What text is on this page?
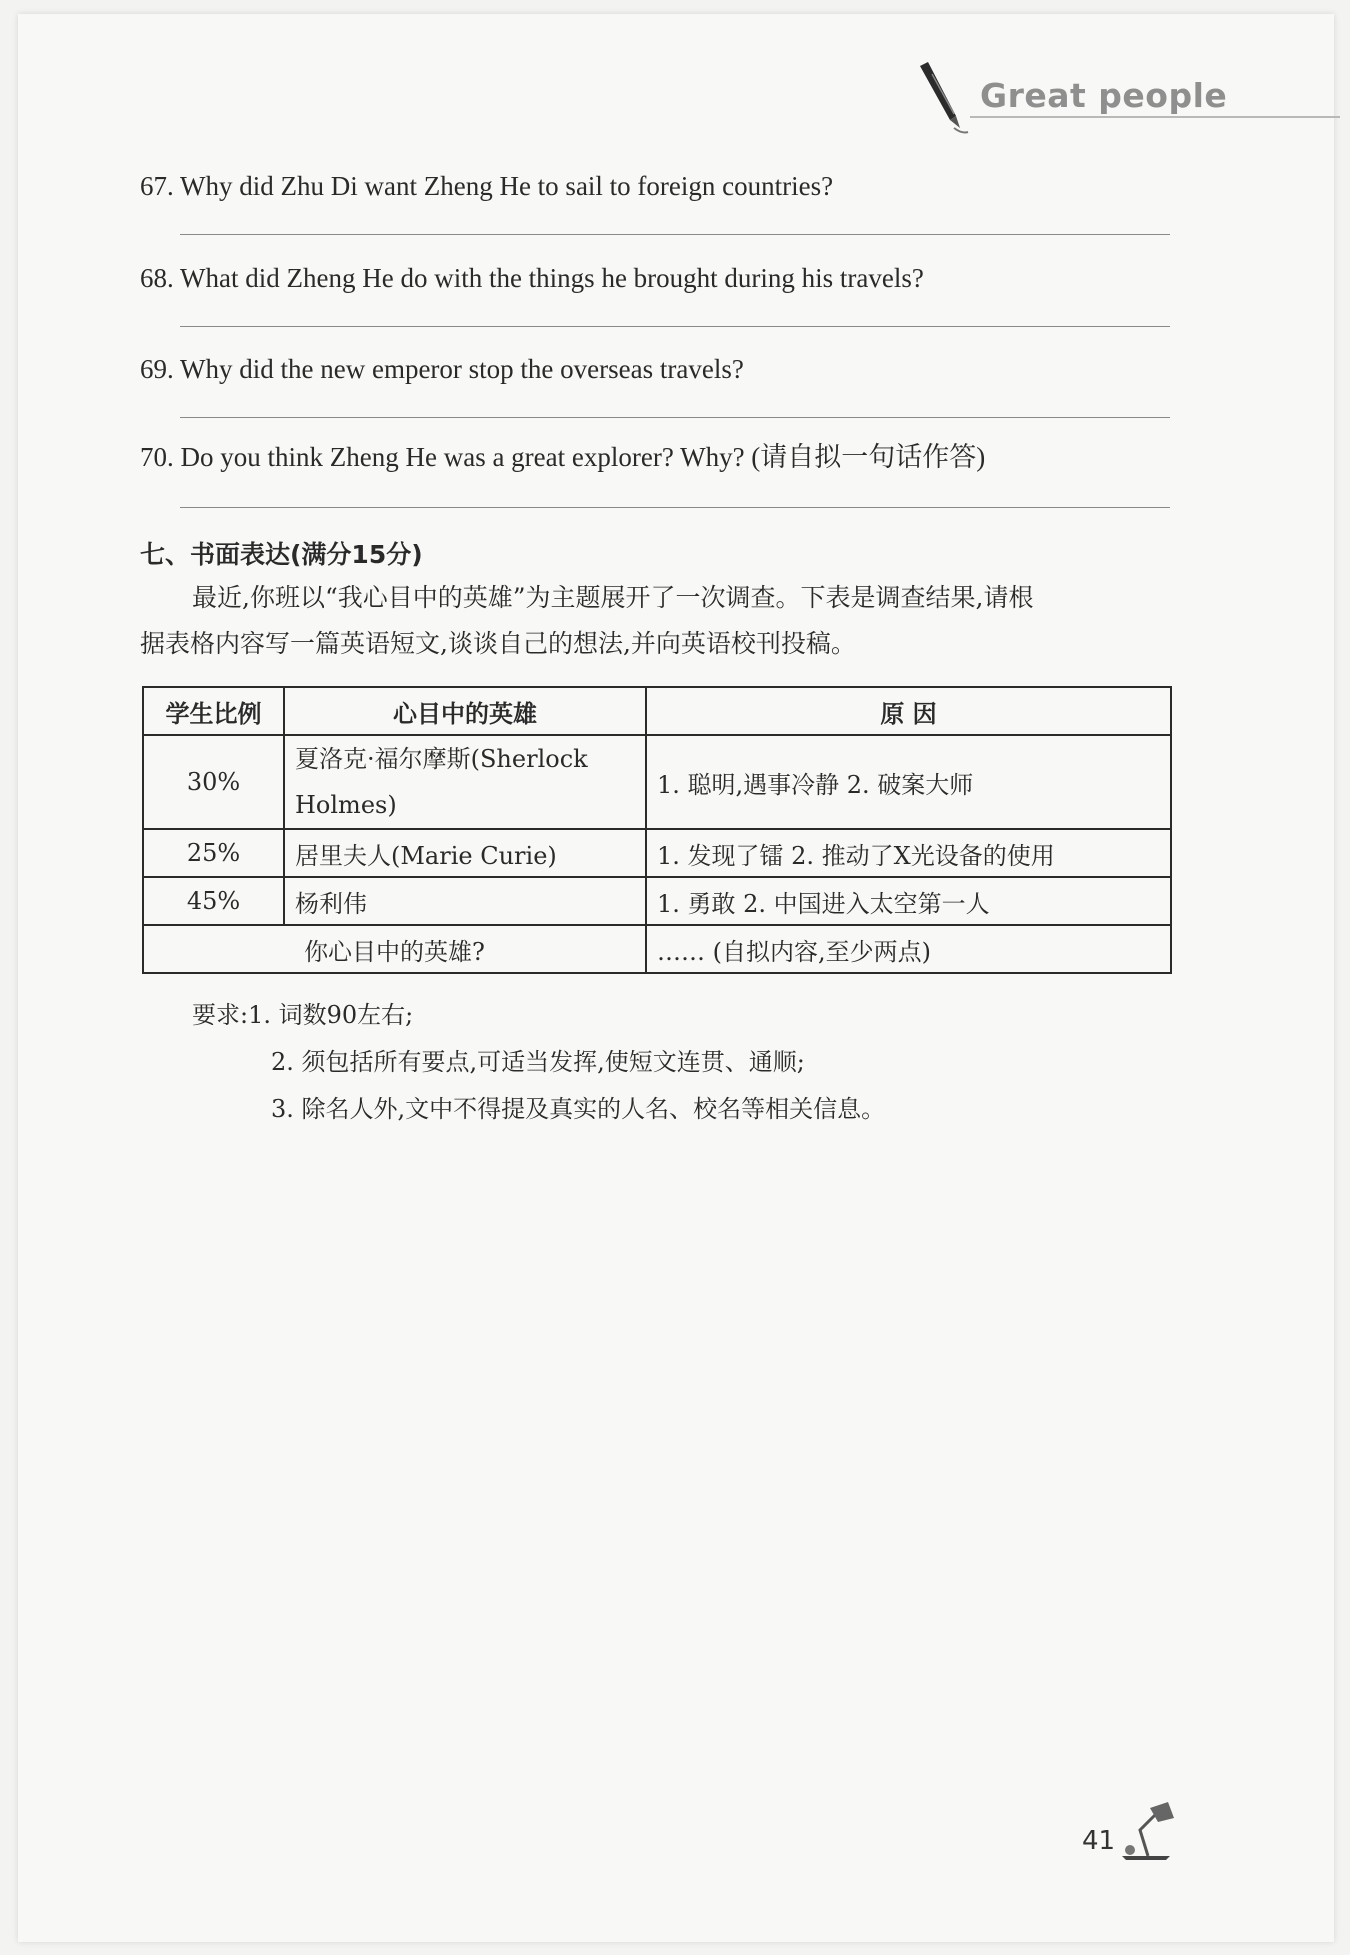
Great people
67. Why did Zhu Di want Zheng He to sail to foreign countries?
68. What did Zheng He do with the things he brought during his travels?
69. Why did the new emperor stop the overseas travels?
70. Do you think Zheng He was a great explorer? Why? (请自拟一句话作答)
七、书面表达(满分15分)

最近,你班以“我心目中的英雄”为主题展开了一次调查。下表是调查结果,请根

据表格内容写一篇英语短文,谈谈自己的想法,并向英语校刊投稿。

学生比例	心目中的英雄	原 因
30%	夏洛克·福尔摩斯(Sherlock Holmes)	1. 聪明,遇事冷静 2. 破案大师
25%	居里夫人(Marie Curie)	1. 发现了镭 2. 推动了X光设备的使用
45%	杨利伟	1. 勇敢 2. 中国进入太空第一人
你心目中的英雄?		…… (自拟内容,至少两点)
要求: 1. 词数90左右;
2. 须包括所有要点,可适当发挥,使短文连贯、通顺;
3. 除名人外,文中不得提及真实的人名、校名等相关信息。
41
